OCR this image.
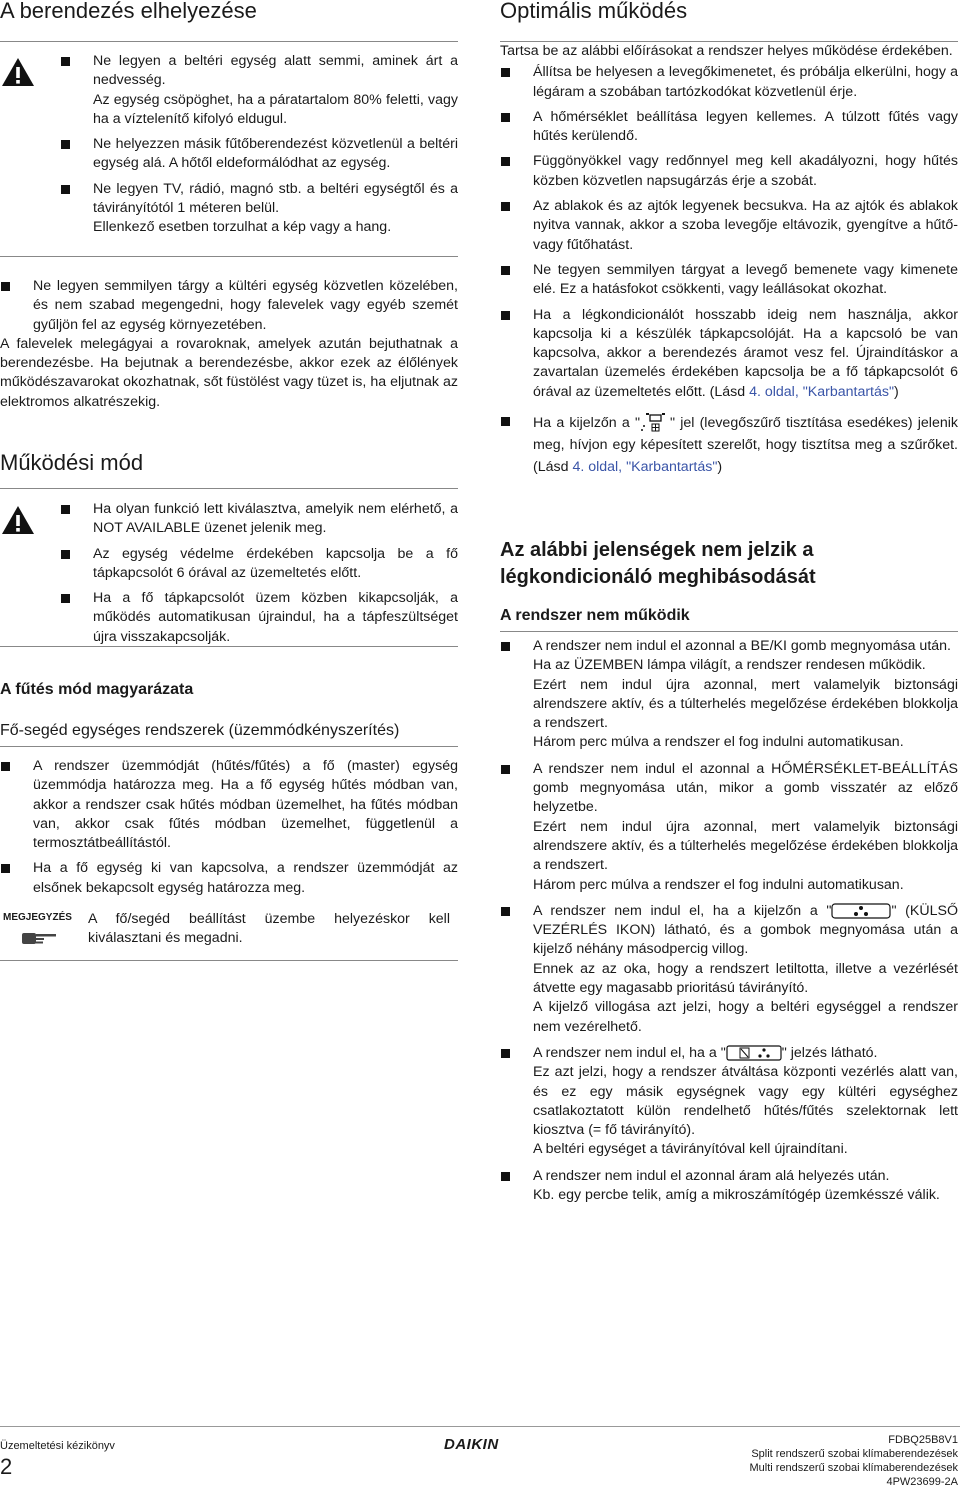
A berendezés elhelyezése

Ne legyen a beltéri egység alatt semmi, aminek árt a nedvesség.

Az egység csöpöghet, ha a páratartalom 80% feletti, vagy ha a víztelenítő kifolyó eldugul.

Ne helyezzen másik fűtőberendezést közvetlenül a beltéri egység alá. A hőtől eldeformálódhat az egység.

Ne legyen TV, rádió, magnó stb. a beltéri egységtől és a távirányítótól 1 méteren belül.

Ellenkező esetben torzulhat a kép vagy a hang.

Ne legyen semmilyen tárgy a kültéri egység közvetlen közelében, és nem szabad megengedni, hogy falevelek vagy egyéb szemét gyűljön fel az egység környezetében.

A falevelek melegágyai a rovaroknak, amelyek azután bejuthatnak a berendezésbe. Ha bejutnak a berendezésbe, akkor ezek az élőlények működészavarokat okozhatnak, sőt füstölést vagy tüzet is, ha eljutnak az elektromos alkatrészekig.

Működési mód

Ha olyan funkció lett kiválasztva, amelyik nem elérhető, a NOT AVAILABLE üzenet jelenik meg.

Az egység védelme érdekében kapcsolja be a fő tápkapcsolót 6 órával az üzemeltetés előtt.

Ha a fő tápkapcsolót üzem közben kikapcsolják, a működés automatikusan újraindul, ha a tápfeszültséget újra visszakapcsolják.

A fűtés mód magyarázata
Fő-segéd egységes rendszerek (üzemmódkényszerítés)

A rendszer üzemmódját (hűtés/fűtés) a fő (master) egység üzemmódja határozza meg. Ha a fő egység hűtés módban van, akkor a rendszer csak hűtés módban üzemelhet, ha fűtés módban van, akkor csak fűtés módban üzemelhet, függetlenül a termosztátbeállítástól.

Ha a fő egység ki van kapcsolva, a rendszer üzemmódját az elsőnek bekapcsolt egység határozza meg.

MEGJEGYZÉS A fő/segéd beállítást üzembe helyezéskor kell kiválasztani és megadni.

Optimális működés

Tartsa be az alábbi előírásokat a rendszer helyes működése érdekében.

Állítsa be helyesen a levegőkimenetet, és próbálja elkerülni, hogy a légáram a szobában tartózkodókat közvetlenül érje.

A hőmérséklet beállítása legyen kellemes. A túlzott fűtés vagy hűtés kerülendő.

Függönyökkel vagy redőnnyel meg kell akadályozni, hogy hűtés közben közvetlen napsugárzás érje a szobát.

Az ablakok és az ajtók legyenek becsukva. Ha az ajtók és ablakok nyitva vannak, akkor a szoba levegője eltávozik, gyengítve a hűtő- vagy fűtőhatást.

Ne tegyen semmilyen tárgyat a levegő bemenete vagy kimenete elé. Ez a hatásfokot csökkenti, vagy leállásokat okozhat.

Ha a légkondicionálót hosszabb ideig nem használja, akkor kapcsolja ki a készülék tápkapcsolóját. Ha a kapcsoló be van kapcsolva, akkor a berendezés áramot vesz fel. Újraindításkor a zavartalan üzemelés érdekében kapcsolja be a fő tápkapcsolót 6 órával az üzemeltetés előtt. (Lásd 4. oldal, "Karbantartás")

Ha a kijelzőn a " " jel (levegőszűrő tisztítása esedékes) jelenik meg, hívjon egy képesített szerelőt, hogy tisztítsa meg a szűrőket. (Lásd 4. oldal, "Karbantartás")

Az alábbi jelenségek nem jelzik a légkondicionáló meghibásodását
A rendszer nem működik

A rendszer nem indul el azonnal a BE/KI gomb megnyomása után.

Ha az ÜZEMBEN lámpa világít, a rendszer rendesen működik.

Ezért nem indul újra azonnal, mert valamelyik biztonsági alrendszere aktív, és a túlterhelés megelőzése érdekében blokkolja a rendszert.

Három perc múlva a rendszer el fog indulni automatikusan.

A rendszer nem indul el azonnal a HŐMÉRSÉKLET-BEÁLLÍTÁS gomb megnyomása után, mikor a gomb visszatér az előző helyzetbe.

Ezért nem indul újra azonnal, mert valamelyik biztonsági alrendszere aktív, és a túlterhelés megelőzése érdekében blokkolja a rendszert.

Három perc múlva a rendszer el fog indulni automatikusan.

A rendszer nem indul el, ha a kijelzőn a "	" (KÜLSŐ VEZÉRLÉS IKON) látható, és a gombok megnyomása után a kijelző néhány másodpercig villog.

Ennek az az oka, hogy a rendszert letiltotta, illetve a vezérlését átvette egy magasabb prioritású távirányító.

A kijelző villogása azt jelzi, hogy a beltéri egységgel a rendszer nem vezérelhető.

A rendszer nem indul el, ha a "	" jelzés látható.

Ez azt jelzi, hogy a rendszer átváltása központi vezérlés alatt van, és ez egy másik egységnek vagy egy kültéri egységhez csatlakoztatott külön rendelhető hűtés/fűtés szelektornak lett kiosztva (= fő távirányító).

A beltéri egységet a távirányítóval kell újraindítani.

A rendszer nem indul el azonnal áram alá helyezés után.

Kb. egy percbe telik, amíg a mikroszámítógép üzemkésszé válik.

Üzemeltetési kézikönyv
2
DAIKIN	FDBQ25B8V1
Split rendszerű szobai klímaberendezések
Multi rendszerű szobai klímaberendezések
4PW23699-2A
